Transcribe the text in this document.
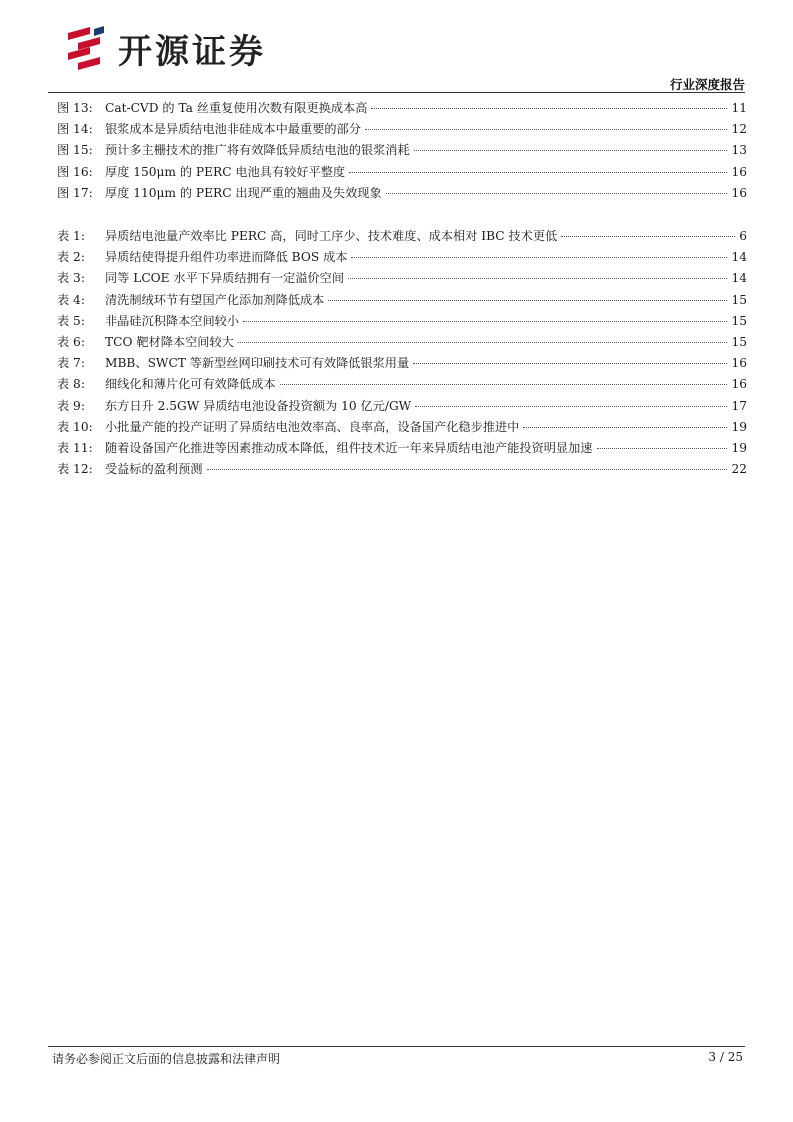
开源证券
行业深度报告
图 13:	Cat-CVD 的 Ta 丝重复使用次数有限更换成本高	11
图 14:	银浆成本是异质结电池非硅成本中最重要的部分	12
图 15:	预计多主栅技术的推广将有效降低异质结电池的银浆消耗	13
图 16:	厚度 150μm 的 PERC 电池具有较好平整度	16
图 17:	厚度 110μm 的 PERC 出现严重的翘曲及失效现象	16
表 1:	异质结电池量产效率比 PERC 高，同时工序少、技术难度、成本相对 IBC 技术更低	6
表 2:	异质结使得提升组件功率进而降低 BOS 成本	14
表 3:	同等 LCOE 水平下异质结拥有一定溢价空间	14
表 4:	清洗制绒环节有望国产化添加剂降低成本	15
表 5:	非晶硅沉积降本空间较小	15
表 6:	TCO 靶材降本空间较大	15
表 7:	MBB、SWCT 等新型丝网印刷技术可有效降低银浆用量	16
表 8:	细线化和薄片化可有效降低成本	16
表 9:	东方日升 2.5GW 异质结电池设备投资额为 10 亿元/GW	17
表 10:	小批量产能的投产证明了异质结电池效率高、良率高，设备国产化稳步推进中	19
表 11:	随着设备国产化推进等因素推动成本降低，组件技术近一年来异质结电池产能投资明显加速	19
表 12:	受益标的盈利预测	22
请务必参阅正文后面的信息披露和法律声明	3 / 25
